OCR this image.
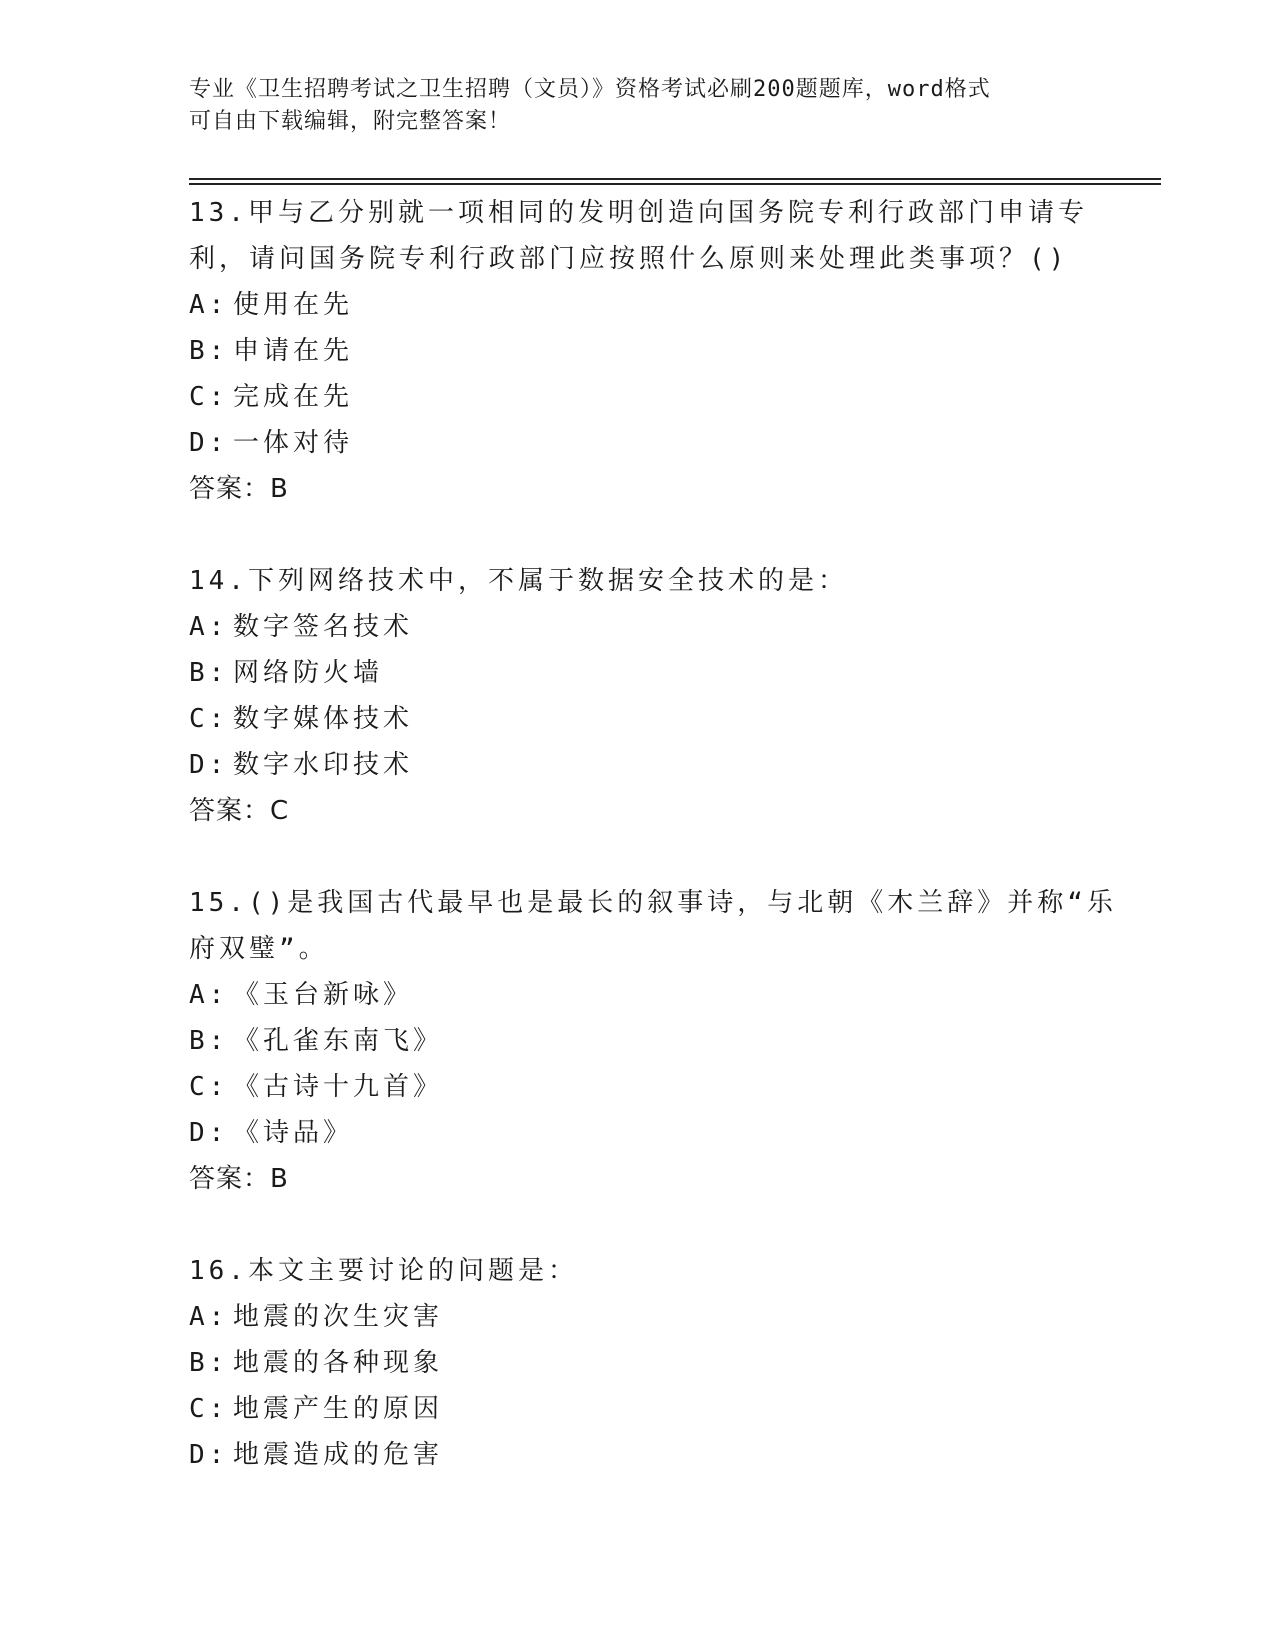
专业《卫生招聘考试之卫生招聘（文员）》资格考试必刷200题题库，word格式
可自由下载编辑，附完整答案！

13.甲与乙分别就一项相同的发明创造向国务院专利行政部门申请专利，请问国务院专利行政部门应按照什么原则来处理此类事项？()

A: 使用在先
B: 申请在先
C: 完成在先
D: 一体对待
答案：B

14.下列网络技术中，不属于数据安全技术的是：

A: 数字签名技术
B: 网络防火墙
C: 数字媒体技术
D: 数字水印技术
答案：C

15.()是我国古代最早也是最长的叙事诗，与北朝《木兰辞》并称“乐府双璧”。

A: 《玉台新咏》
B: 《孔雀东南飞》
C: 《古诗十九首》
D: 《诗品》
答案：B

16.本文主要讨论的问题是：

A: 地震的次生灾害
B: 地震的各种现象
C: 地震产生的原因
D: 地震造成的危害
